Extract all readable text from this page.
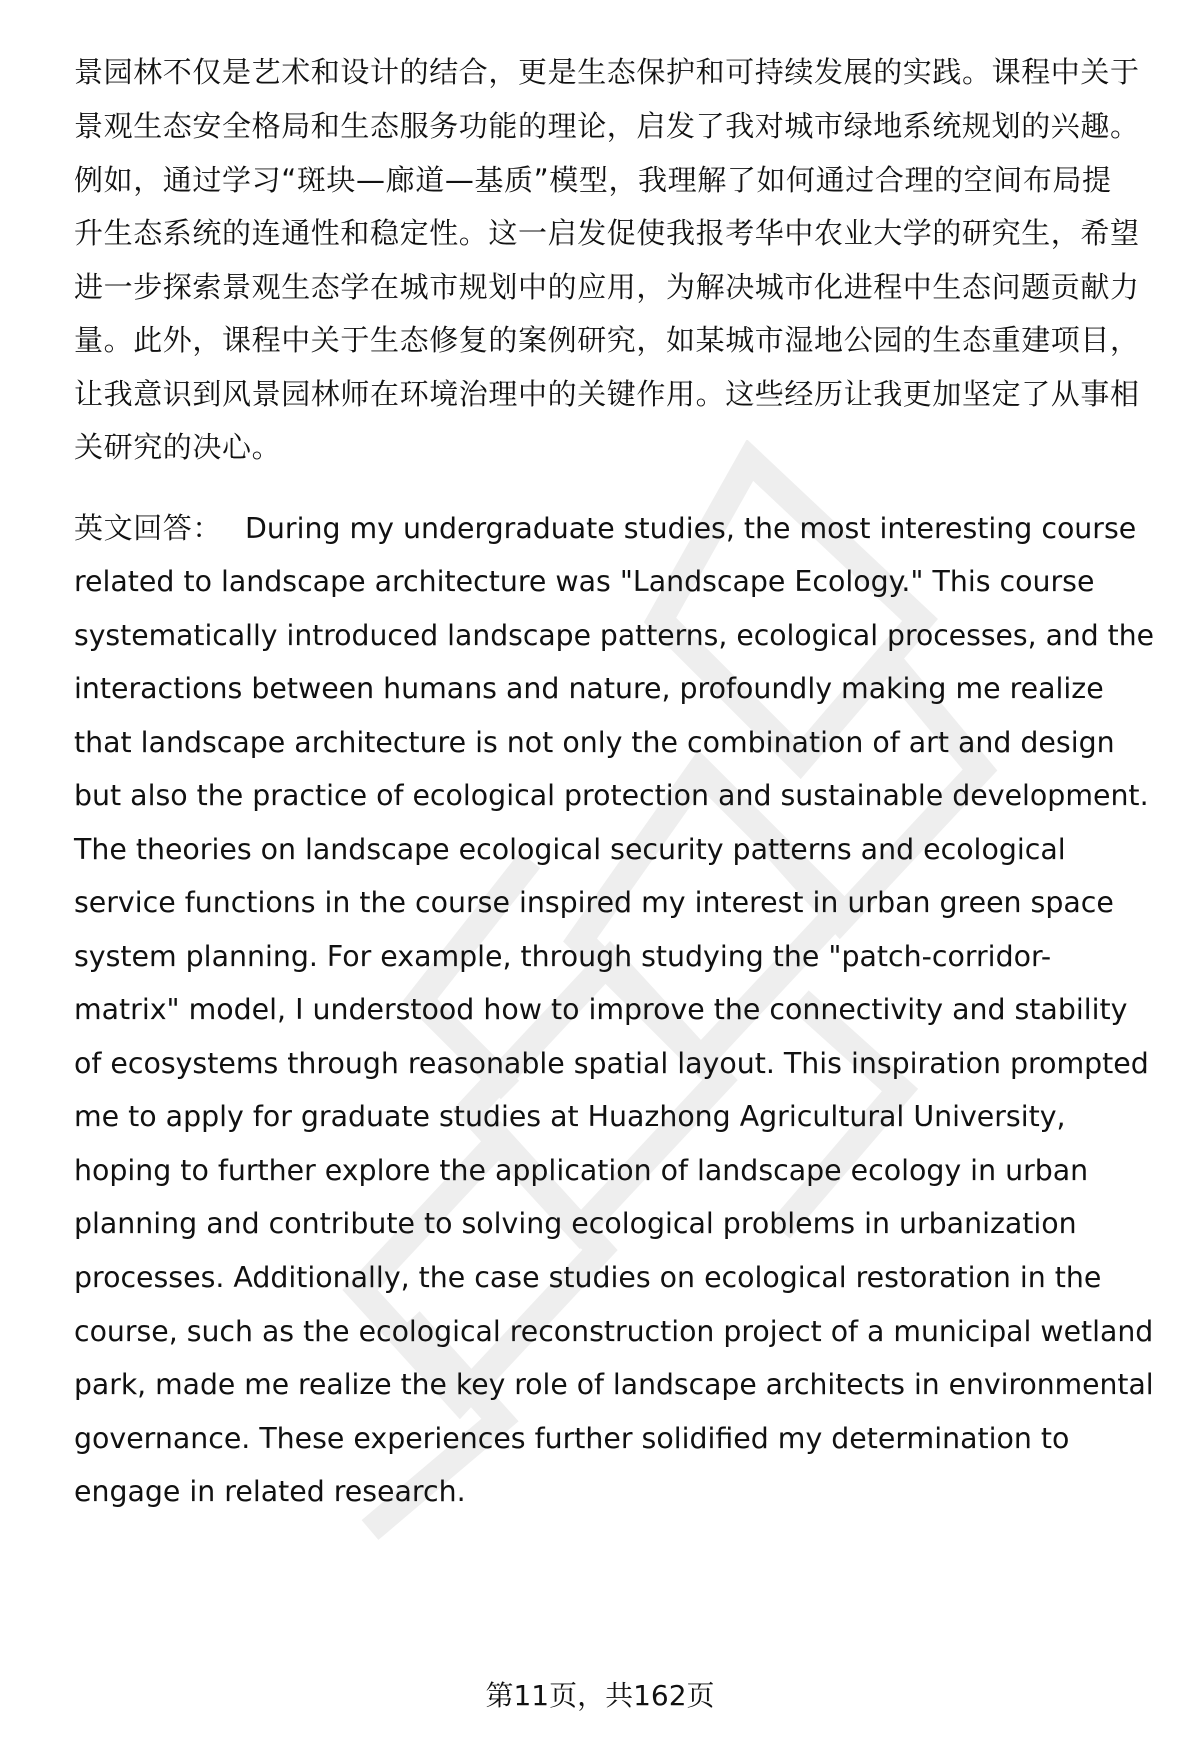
景园林不仅是艺术和设计的结合，更是生态保护和可持续发展的实践。课程中关于
景观生态安全格局和生态服务功能的理论，启发了我对城市绿地系统规划的兴趣。
例如，通过学习“斑块—廊道—基质”模型，我理解了如何通过合理的空间布局提
升生态系统的连通性和稳定性。这一启发促使我报考华中农业大学的研究生，希望
进一步探索景观生态学在城市规划中的应用，为解决城市化进程中生态问题贡献力
量。此外，课程中关于生态修复的案例研究，如某城市湿地公园的生态重建项目，
让我意识到风景园林师在环境治理中的关键作用。这些经历让我更加坚定了从事相
关研究的决心。
英文回答： During my undergraduate studies, the most interesting course
related to landscape architecture was "Landscape Ecology." This course
systematically introduced landscape patterns, ecological processes, and the
interactions between humans and nature, profoundly making me realize
that landscape architecture is not only the combination of art and design
but also the practice of ecological protection and sustainable development.
The theories on landscape ecological security patterns and ecological
service functions in the course inspired my interest in urban green space
system planning. For example, through studying the "patch-corridor-
matrix" model, I understood how to improve the connectivity and stability
of ecosystems through reasonable spatial layout. This inspiration prompted
me to apply for graduate studies at Huazhong Agricultural University,
hoping to further explore the application of landscape ecology in urban
planning and contribute to solving ecological problems in urbanization
processes. Additionally, the case studies on ecological restoration in the
course, such as the ecological reconstruction project of a municipal wetland
park, made me realize the key role of landscape architects in environmental
governance. These experiences further solidified my determination to
engage in related research.
第11页，共162页
